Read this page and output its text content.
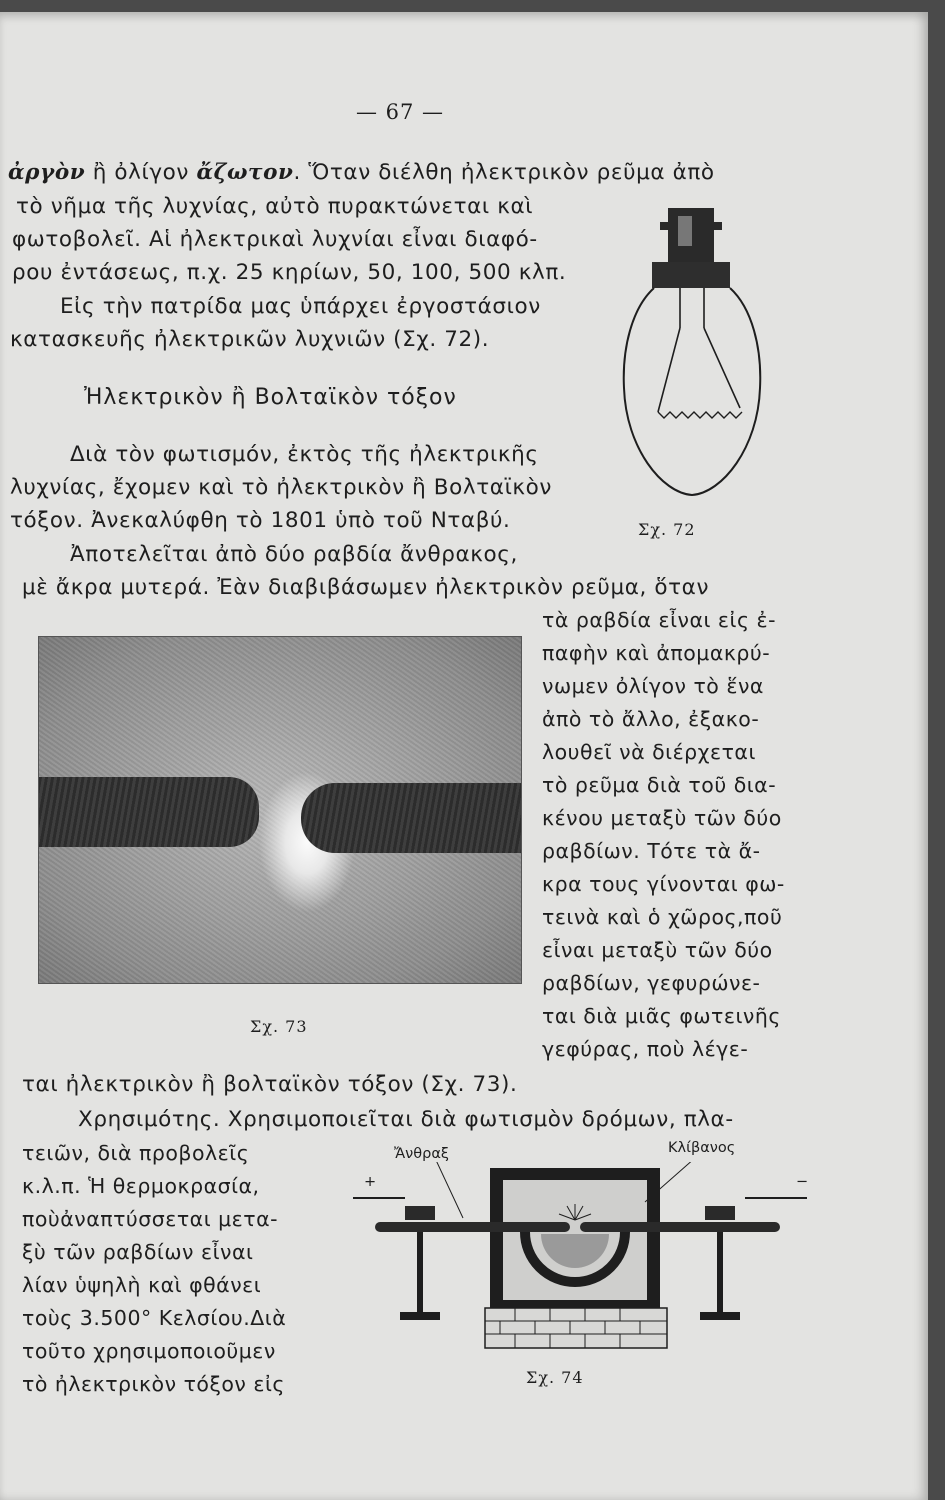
— 67 —
ἀργὸν ἢ ὀλίγον ἄζωτον. Ὅταν διέλθη ἠλεκτρικὸν ρεῦμα ἀπὸ
τὸ νῆμα τῆς λυχνίας, αὐτὸ πυρακτώνεται καὶ
φωτοβολεῖ. Αἱ ἠλεκτρικαὶ λυχνίαι εἶναι διαφό-
ρου ἐντάσεως, π.χ. 25 κηρίων, 50, 100, 500 κλπ.
Εἰς τὴν πατρίδα μας ὑπάρχει ἐργοστάσιον
κατασκευῆς ἠλεκτρικῶν λυχνιῶν (Σχ. 72).
Ἠλεκτρικὸν ἢ Βολταϊκὸν τόξον
Διὰ τὸν φωτισμόν, ἐκτὸς τῆς ἠλεκτρικῆς
λυχνίας, ἔχομεν καὶ τὸ ἠλεκτρικὸν ἢ Βολταϊκὸν
τόξον. Ἀνεκαλύφθη τὸ 1801 ὑπὸ τοῦ Νταβύ.
Ἀποτελεῖται ἀπὸ δύο ραβδία ἄνθρακος,
μὲ ἄκρα μυτερά. Ἐὰν διαβιβάσωμεν ἠλεκτρικὸν ρεῦμα, ὅταν
τὰ ραβδία εἶναι εἰς ἐ-
παφὴν καὶ ἀπομακρύ-
νωμεν ὀλίγον τὸ ἕνα
ἀπὸ τὸ ἄλλο, ἐξακο-
λουθεῖ νὰ διέρχεται
τὸ ρεῦμα διὰ τοῦ δια-
κένου μεταξὺ τῶν δύο
ραβδίων. Τότε τὰ ἄ-
κρα τους γίνονται φω-
τεινὰ καὶ ὁ χῶρος,ποῦ
εἶναι μεταξὺ τῶν δύο
ραβδίων, γεφυρώνε-
ται διὰ μιᾶς φωτεινῆς
γεφύρας, ποὺ λέγε-
Σχ. 73
ται ἠλεκτρικὸν ἢ βολταϊκὸν τόξον (Σχ. 73).
Χρησιμότης. Χρησιμοποιεῖται διὰ φωτισμὸν δρόμων, πλα-
τειῶν, διὰ προβολεῖς
κ.λ.π. Ἡ θερμοκρασία,
ποὺἀναπτύσσεται μετα-
ξὺ τῶν ραβδίων εἶναι
λίαν ὑψηλὴ καὶ φθάνει
τοὺς 3.500° Κελσίου.Διὰ
τοῦτο χρησιμοποιοῦμεν
τὸ ἠλεκτρικὸν τόξον εἰς
Σχ. 72
Ἄνθραξ	Κλίβανος
+	−
Σχ. 74
